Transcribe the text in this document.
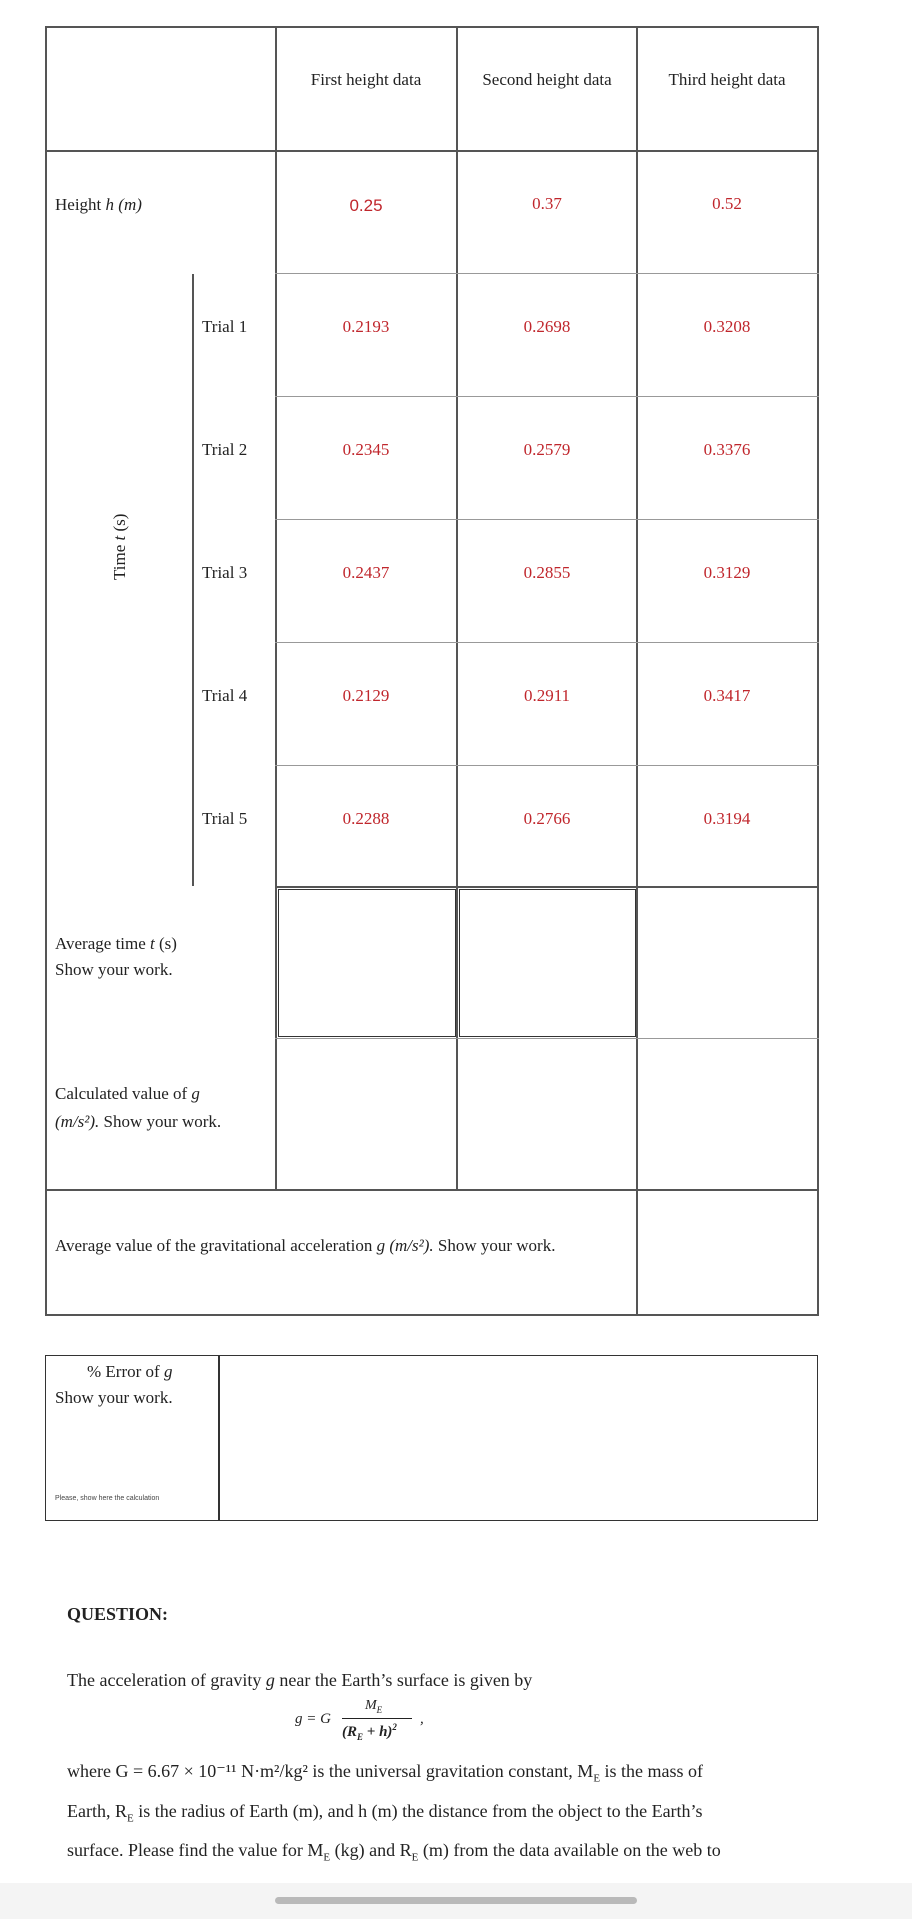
First height data	Second height data	Third height data
Height h (m)	0.25	0.37	0.52
Time t (s)
Trial 1	0.2193	0.2698	0.3208
Trial 2	0.2345	0.2579	0.3376
Trial 3	0.2437	0.2855	0.3129
Trial 4	0.2129	0.2911	0.3417
Trial 5	0.2288	0.2766	0.3194
Average time t (s)
Show your work.
Calculated value of g
(m/s²). Show your work.
Average value of the gravitational acceleration g (m/s²). Show your work.
% Error of g
Show your work.
Please, show here the calculation
QUESTION:
The acceleration of gravity g near the Earth’s surface is given by
g = G
$M_E$
$(R_E + h)^2$ ,
where G = 6.67 × 10⁻¹¹ N·m²/kg² is the universal gravitation constant, $M_E$ is the mass of
Earth, $R_E$ is the radius of Earth (m), and h (m) the distance from the object to the Earth’s
surface. Please find the value for $M_E$ (kg) and $R_E$ (m) from the data available on the web to
